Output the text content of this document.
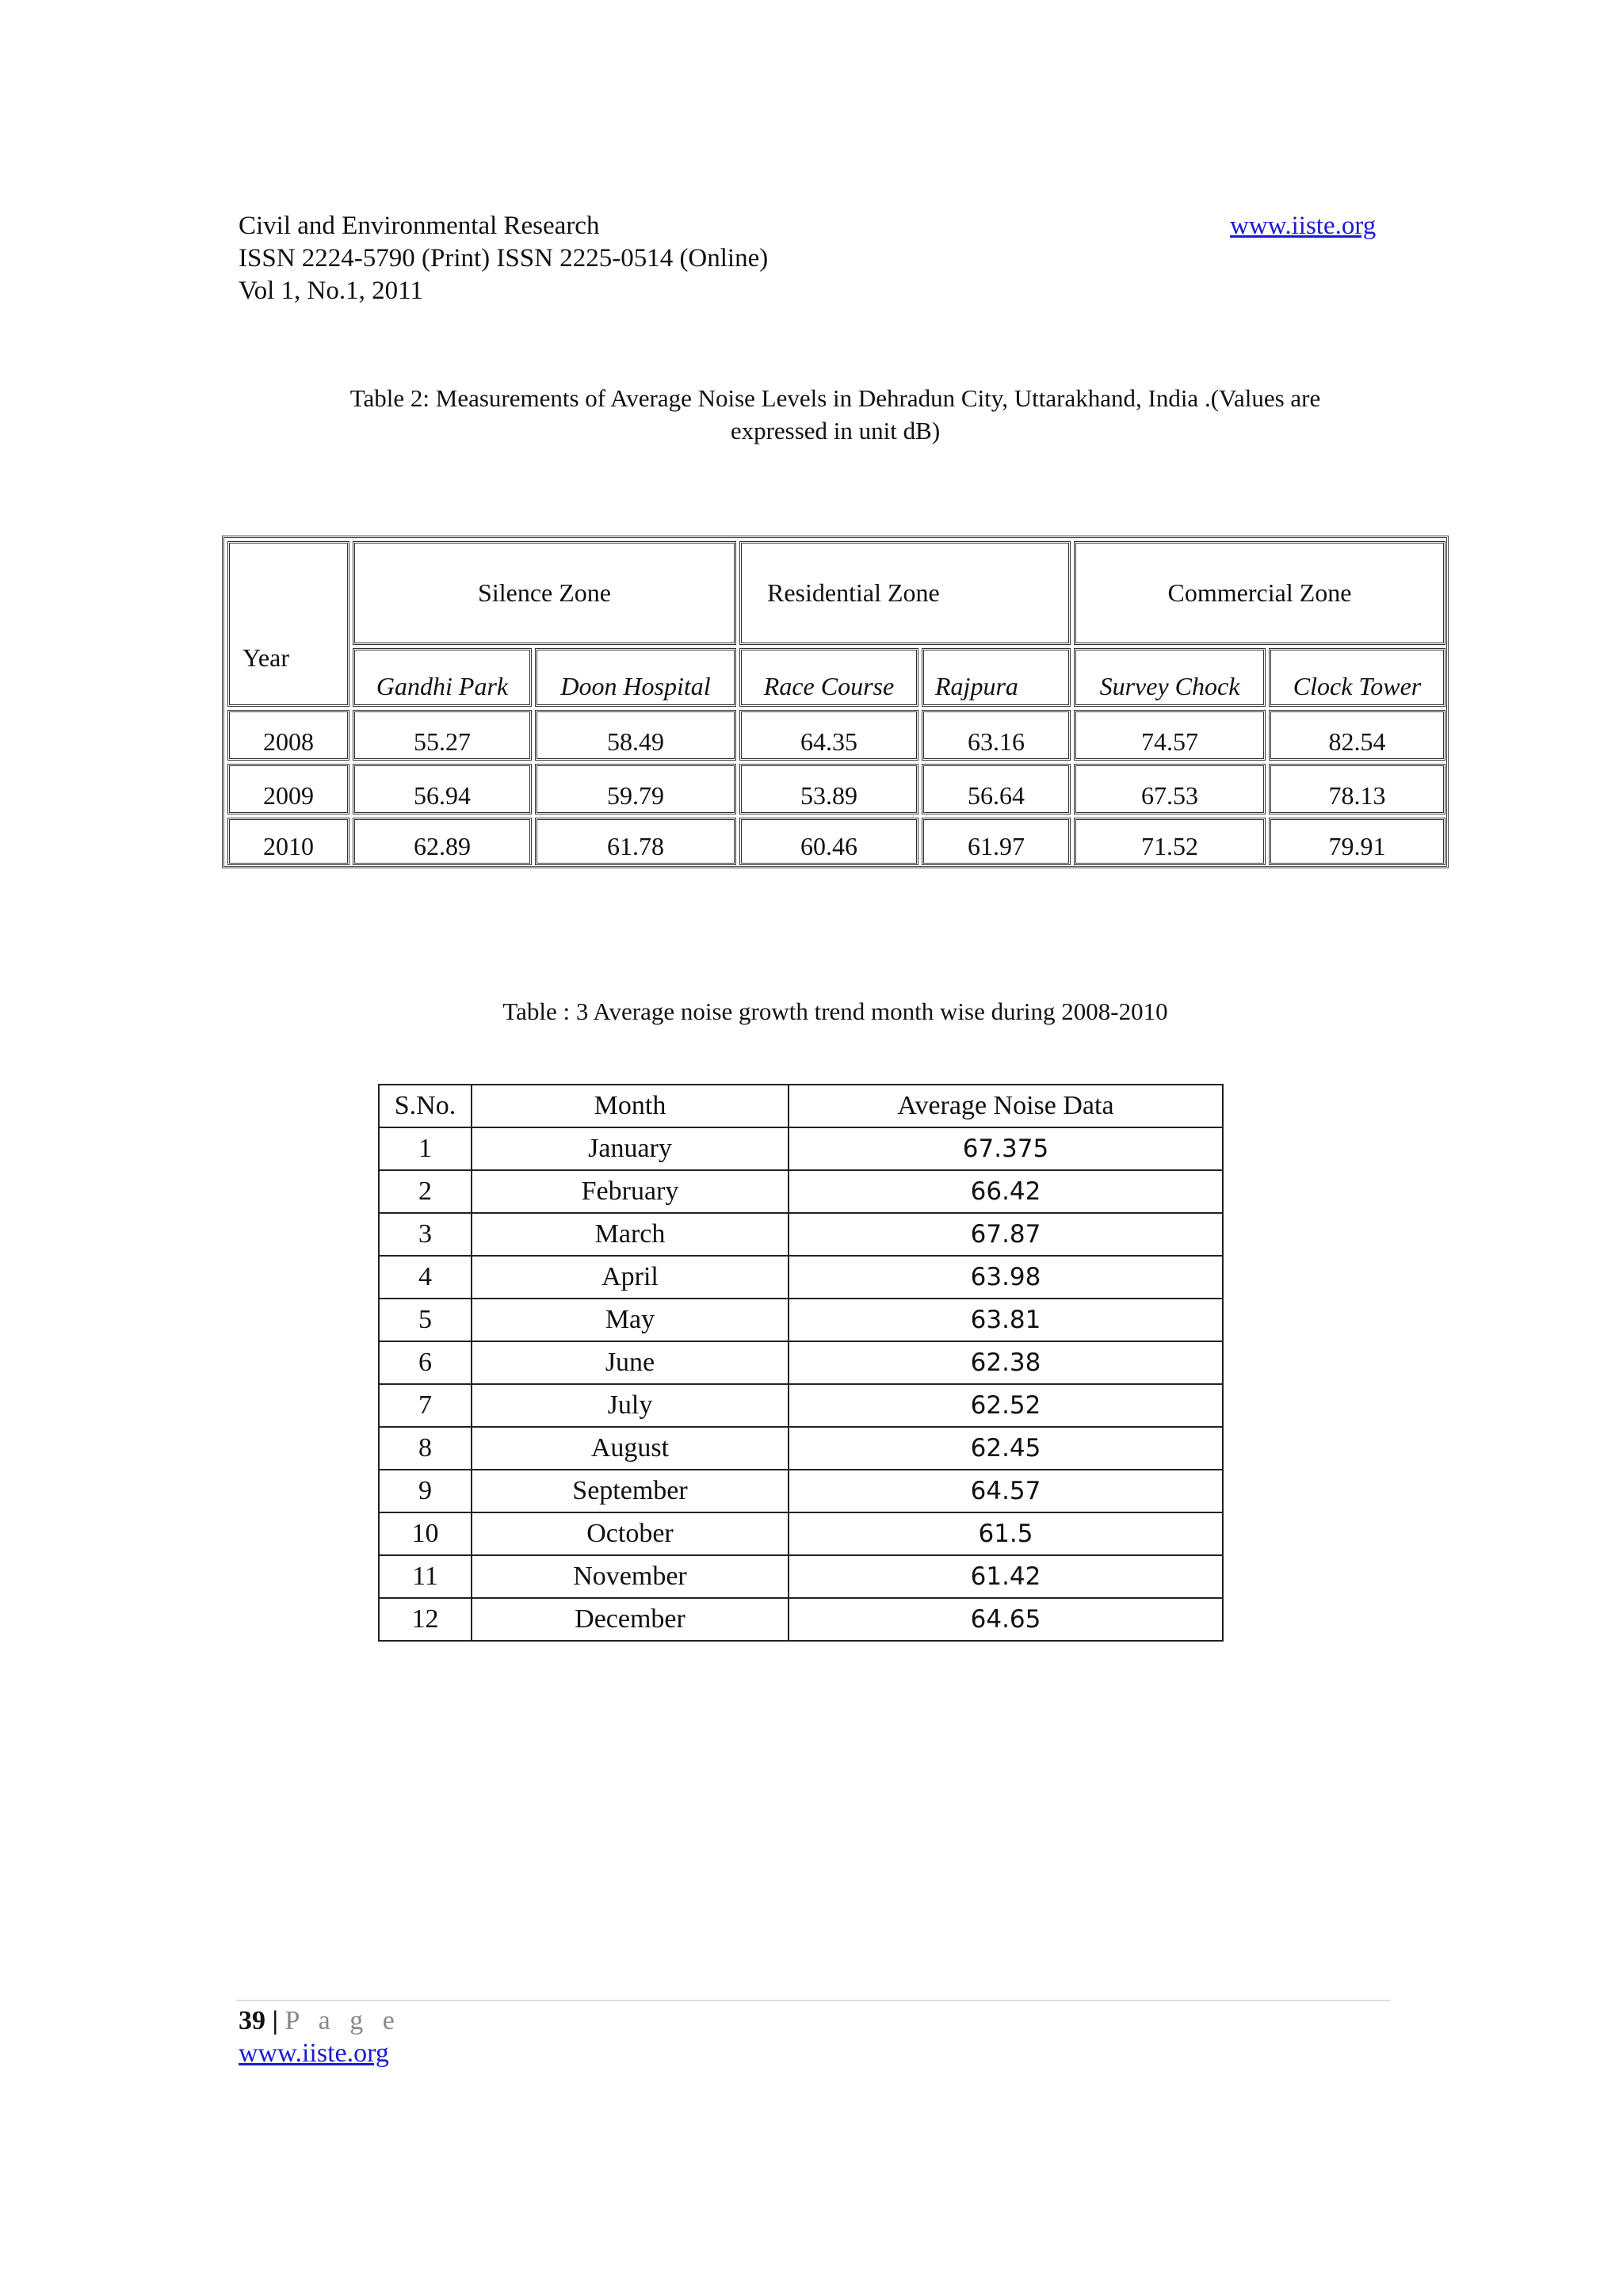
Civil and Environmental Research
ISSN 2224-5790 (Print) ISSN 2225-0514 (Online)
Vol 1, No.1, 2011
www.iiste.org
Table 2: Measurements of Average Noise Levels in Dehradun City, Uttarakhand, India .(Values are
expressed in unit dB)
Year
Silence Zone	Residential Zone	Commercial Zone
Gandhi Park	Doon Hospital	Race Course	Rajpura	Survey Chock	Clock Tower
2008	55.27	58.49	64.35	63.16	74.57	82.54
2009	56.94	59.79	53.89	56.64	67.53	78.13
2010	62.89	61.78	60.46	61.97	71.52	79.91
Table : 3 Average noise growth trend month wise during 2008-2010
S.No.	Month	Average Noise Data
1	January	67.375
2	February	66.42
3	March	67.87
4	April	63.98
5	May	63.81
6	June	62.38
7	July	62.52
8	August	62.45
9	September	64.57
10	October	61.5
11	November	61.42
12	December	64.65
39 | P a g e
www.iiste.org
